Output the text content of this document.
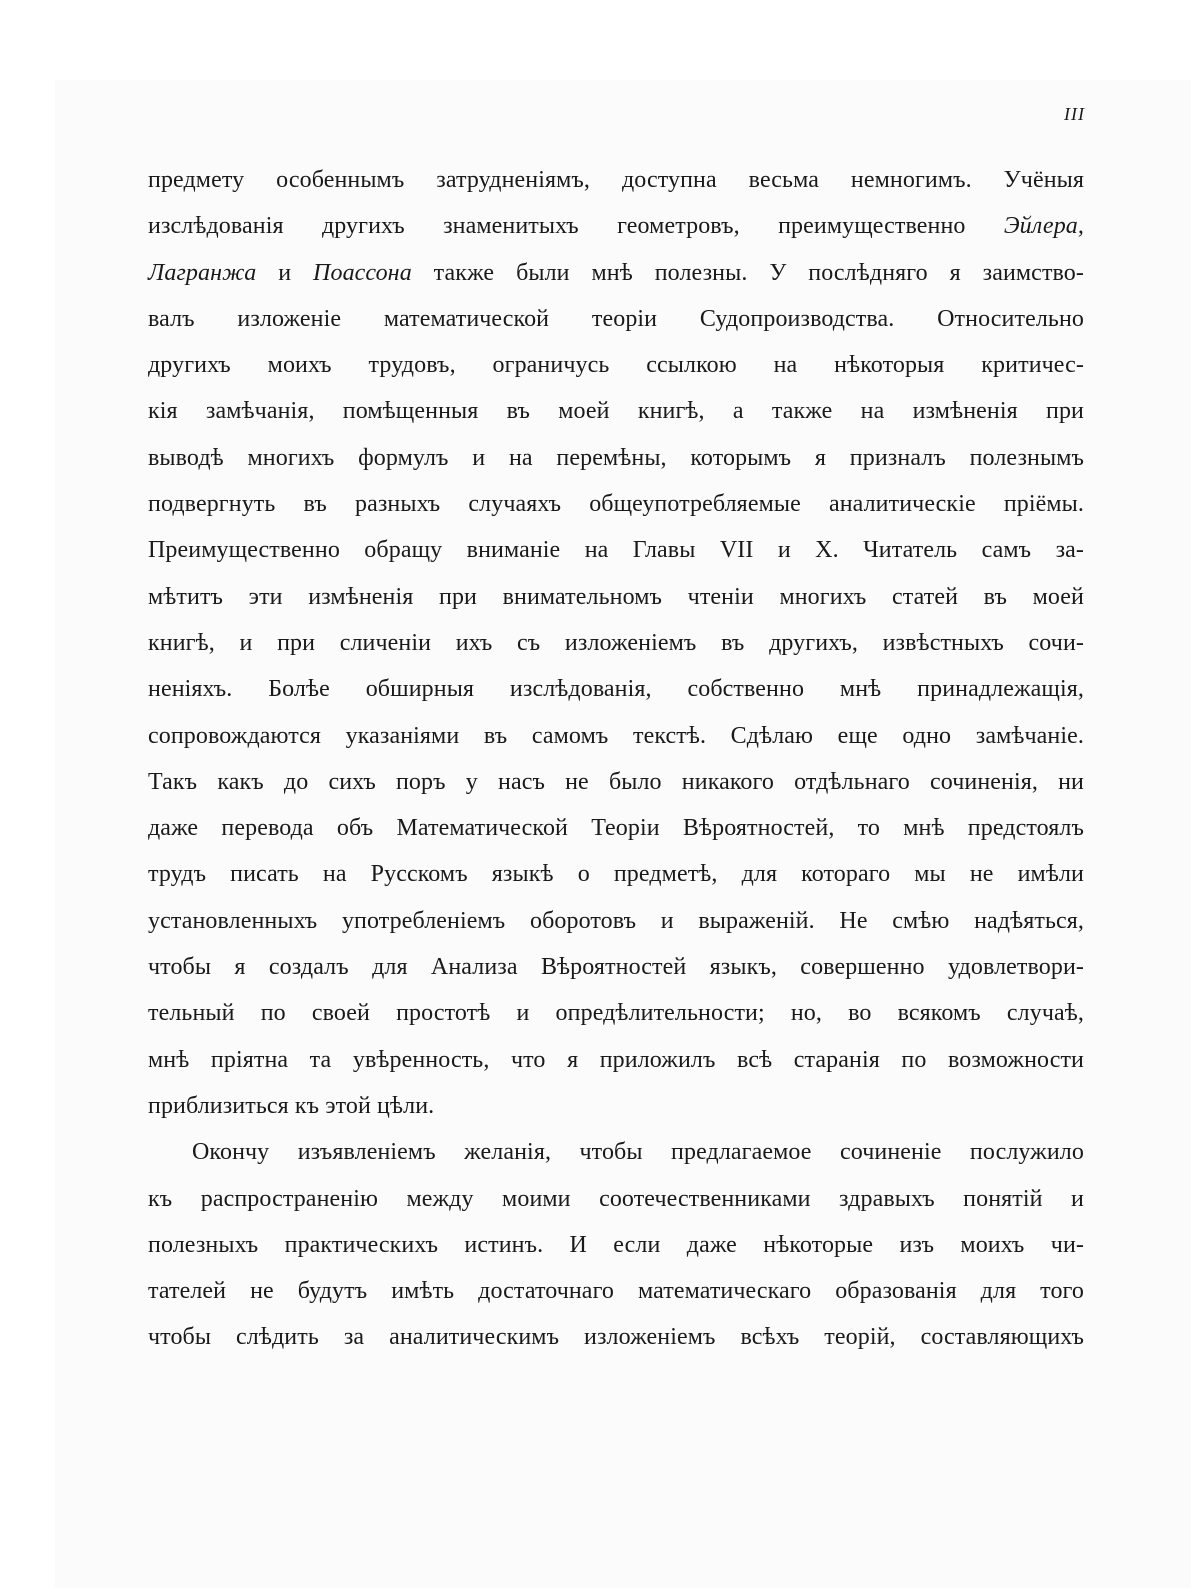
III
предмету особеннымъ затрудненiямъ, доступна весьма немногимъ. Учёныя
изслѣдованiя другихъ знаменитыхъ геометровъ, преимущественно Эйлера,
Лагранжа и Поассона также были мнѣ полезны. У послѣдняго я заимство-
валъ изложенiе математической теорiи Судопроизводства. Относительно
другихъ моихъ трудовъ, ограничусь ссылкою на нѣкоторыя критичес-
кiя замѣчанiя, помѣщенныя въ моей книгѣ, а также на измѣненiя при
выводѣ многихъ формулъ и на перемѣны, которымъ я призналъ полезнымъ
подвергнуть въ разныхъ случаяхъ общеупотребляемые аналитическiе прiёмы.
Преимущественно обращу вниманiе на Главы VII и X. Читатель самъ за-
мѣтитъ эти измѣненiя при внимательномъ чтенiи многихъ статей въ моей
книгѣ, и при сличенiи ихъ съ изложенiемъ въ другихъ, извѣстныхъ сочи-
ненiяхъ. Болѣе обширныя изслѣдованiя, собственно мнѣ принадлежащiя,
сопровождаются указанiями въ самомъ текстѣ. Сдѣлаю еще одно замѣчанiе.
Такъ какъ до сихъ поръ у насъ не было никакого отдѣльнаго сочиненiя, ни
даже перевода объ Математической Теорiи Вѣроятностей, то мнѣ предстоялъ
трудъ писать на Русскомъ языкѣ о предметѣ, для котораго мы не имѣли
установленныхъ употребленiемъ оборотовъ и выраженiй. Не смѣю надѣяться,
чтобы я создалъ для Анализа Вѣроятностей языкъ, совершенно удовлетвори-
тельный по своей простотѣ и опредѣлительности; но, во всякомъ случаѣ,
мнѣ прiятна та увѣренность, что я приложилъ всѣ старанiя по возможности
приблизиться къ этой цѣли.
Окончу изъявленiемъ желанiя, чтобы предлагаемое сочиненiе послужило
къ распространенiю между моими соотечественниками здравыхъ понятiй и
полезныхъ практическихъ истинъ. И если даже нѣкоторые изъ моихъ чи-
тателей не будутъ имѣть достаточнаго математическаго образованiя для того
чтобы слѣдить за аналитическимъ изложенiемъ всѣхъ теорiй, составляющихъ
